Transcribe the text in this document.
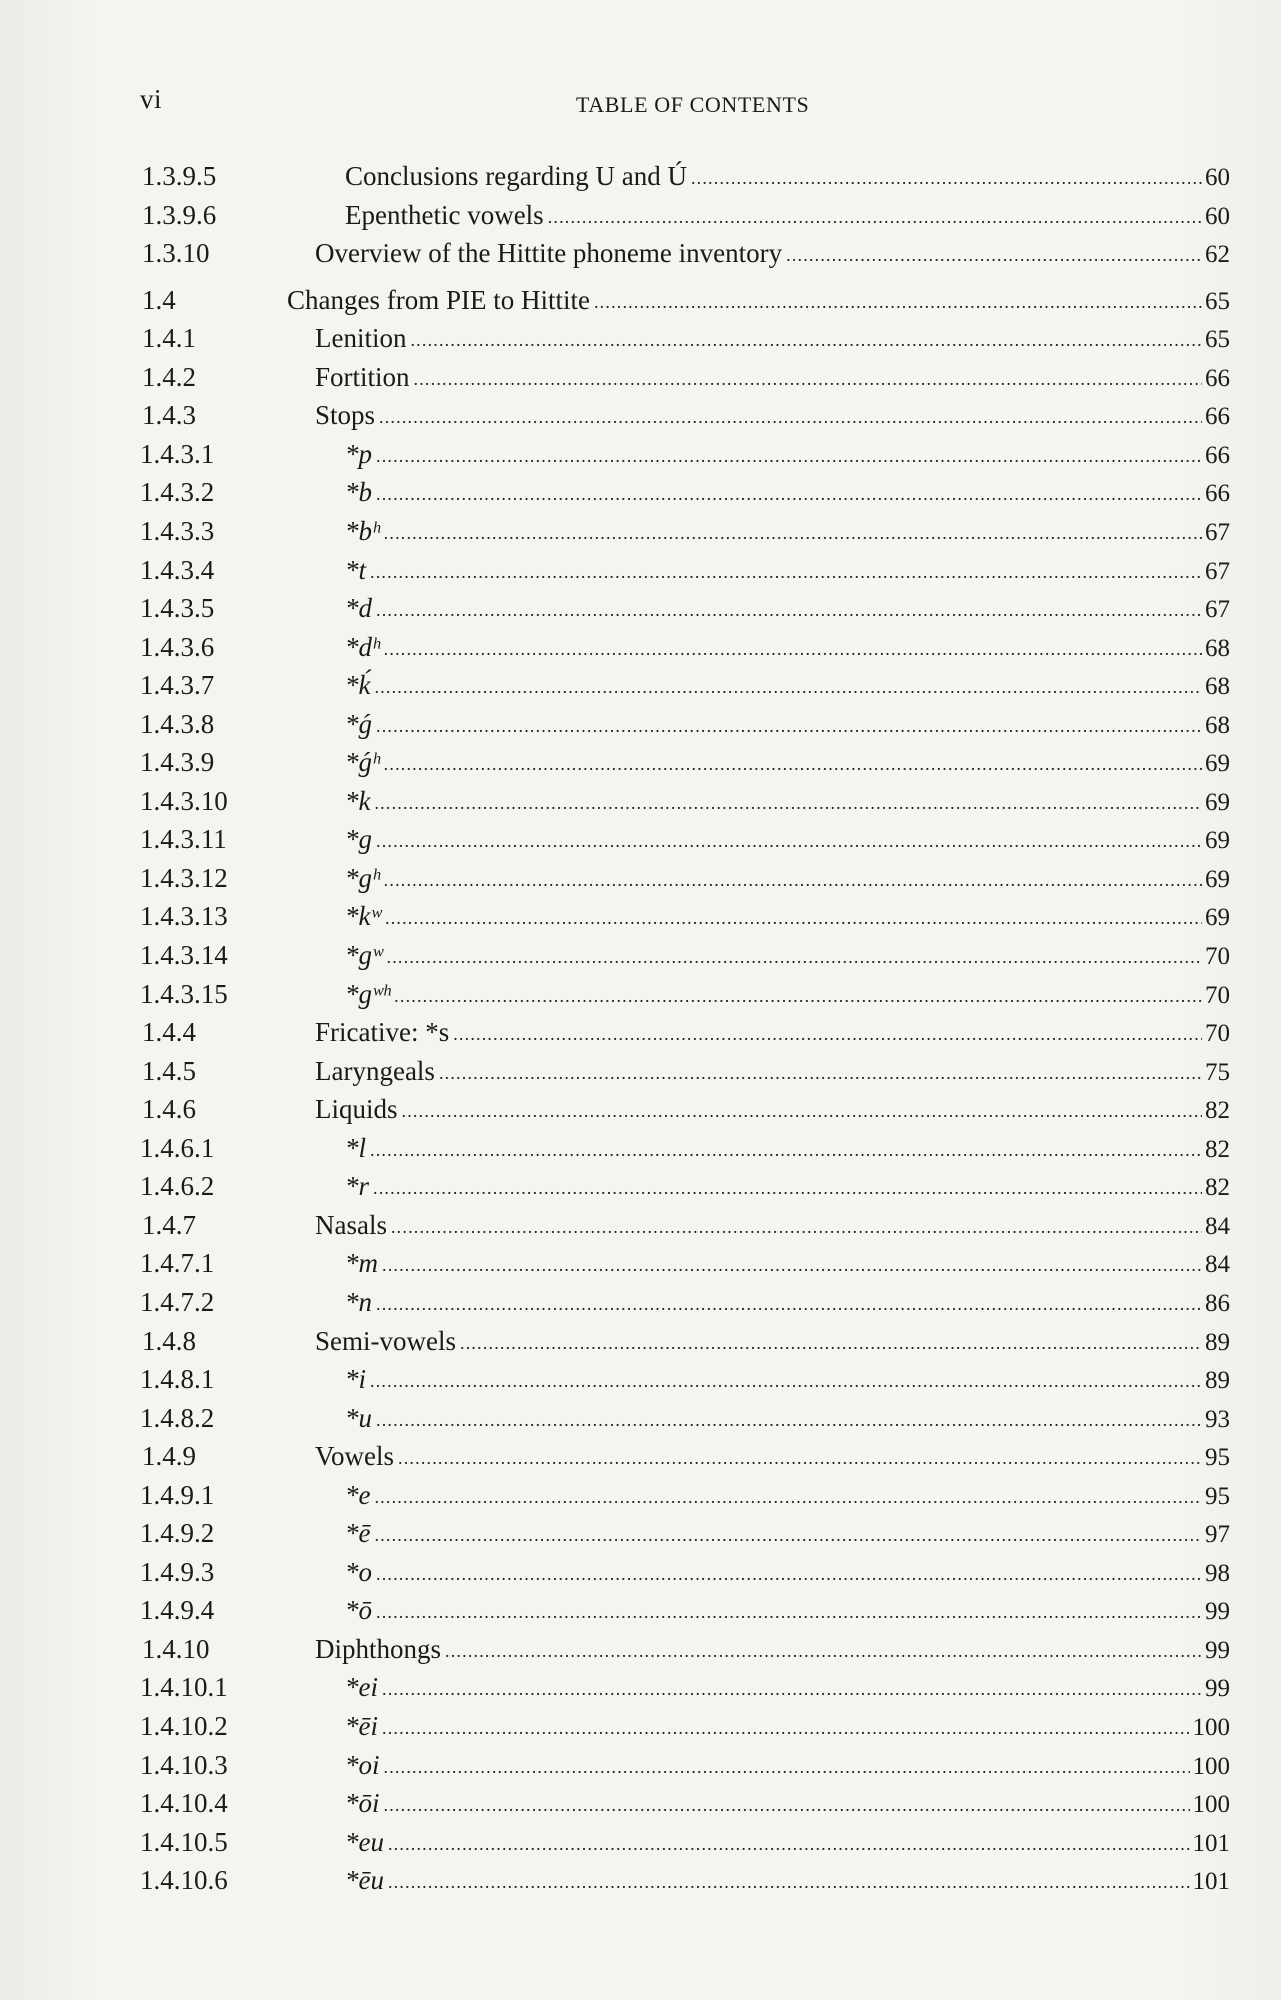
vi	TABLE OF CONTENTS
1.3.9.5	Conclusions regarding U and Ú .....	60
1.3.9.6	Epenthetic vowels .....	60
1.3.10	Overview of the Hittite phoneme inventory .....	62
1.4	Changes from PIE to Hittite .....	65
1.4.1	Lenition .....	65
1.4.2	Fortition .....	66
1.4.3	Stops .....	66
1.4.3.1	*p .....	66
1.4.3.2	*b .....	66
1.4.3.3	*bʰ .....	67
1.4.3.4	*t .....	67
1.4.3.5	*d .....	67
1.4.3.6	*dʰ .....	68
1.4.3.7	*ḱ .....	68
1.4.3.8	*ǵ .....	68
1.4.3.9	*ǵʰ .....	69
1.4.3.10	*k .....	69
1.4.3.11	*g .....	69
1.4.3.12	*gʰ .....	69
1.4.3.13	*kʷ .....	69
1.4.3.14	*gʷ .....	70
1.4.3.15	*gʷʰ .....	70
1.4.4	Fricative: *s .....	70
1.4.5	Laryngeals .....	75
1.4.6	Liquids .....	82
1.4.6.1	*l .....	82
1.4.6.2	*r .....	82
1.4.7	Nasals .....	84
1.4.7.1	*m .....	84
1.4.7.2	*n .....	86
1.4.8	Semi-vowels .....	89
1.4.8.1	*i .....	89
1.4.8.2	*u .....	93
1.4.9	Vowels .....	95
1.4.9.1	*e .....	95
1.4.9.2	*ē .....	97
1.4.9.3	*o .....	98
1.4.9.4	*ō .....	99
1.4.10	Diphthongs .....	99
1.4.10.1	*ei .....	99
1.4.10.2	*ēi .....	100
1.4.10.3	*oi .....	100
1.4.10.4	*ōi .....	100
1.4.10.5	*eu .....	101
1.4.10.6	*ēu .....	101
